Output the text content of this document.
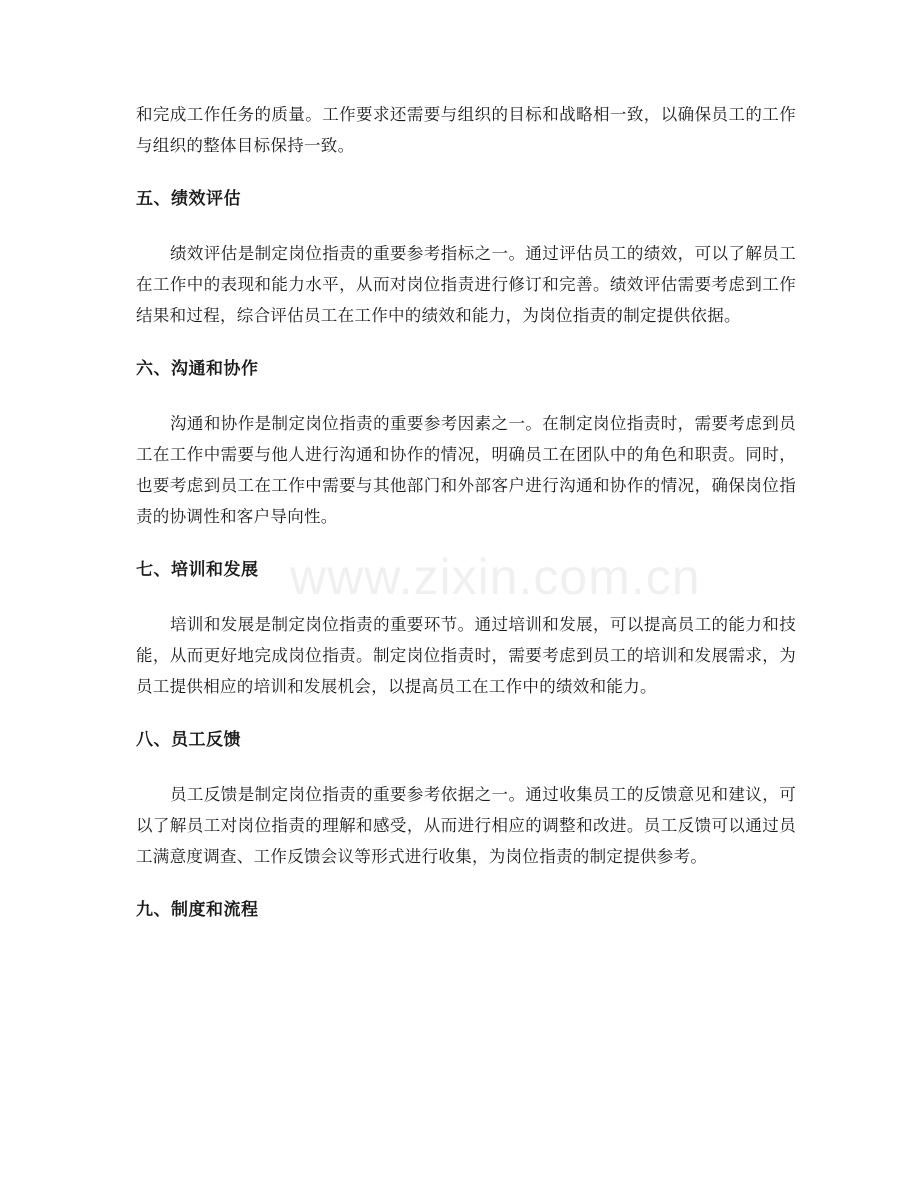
www.zixin.com.cn

和完成工作任务的质量。工作要求还需要与组织的目标和战略相一致，以确保员工的工作与组织的整体目标保持一致。

五、绩效评估

绩效评估是制定岗位指责的重要参考指标之一。通过评估员工的绩效，可以了解员工在工作中的表现和能力水平，从而对岗位指责进行修订和完善。绩效评估需要考虑到工作结果和过程，综合评估员工在工作中的绩效和能力，为岗位指责的制定提供依据。

六、沟通和协作

沟通和协作是制定岗位指责的重要参考因素之一。在制定岗位指责时，需要考虑到员工在工作中需要与他人进行沟通和协作的情况，明确员工在团队中的角色和职责。同时，也要考虑到员工在工作中需要与其他部门和外部客户进行沟通和协作的情况，确保岗位指责的协调性和客户导向性。

七、培训和发展

培训和发展是制定岗位指责的重要环节。通过培训和发展，可以提高员工的能力和技能，从而更好地完成岗位指责。制定岗位指责时，需要考虑到员工的培训和发展需求，为员工提供相应的培训和发展机会，以提高员工在工作中的绩效和能力。

八、员工反馈

员工反馈是制定岗位指责的重要参考依据之一。通过收集员工的反馈意见和建议，可以了解员工对岗位指责的理解和感受，从而进行相应的调整和改进。员工反馈可以通过员工满意度调查、工作反馈会议等形式进行收集，为岗位指责的制定提供参考。

九、制度和流程
